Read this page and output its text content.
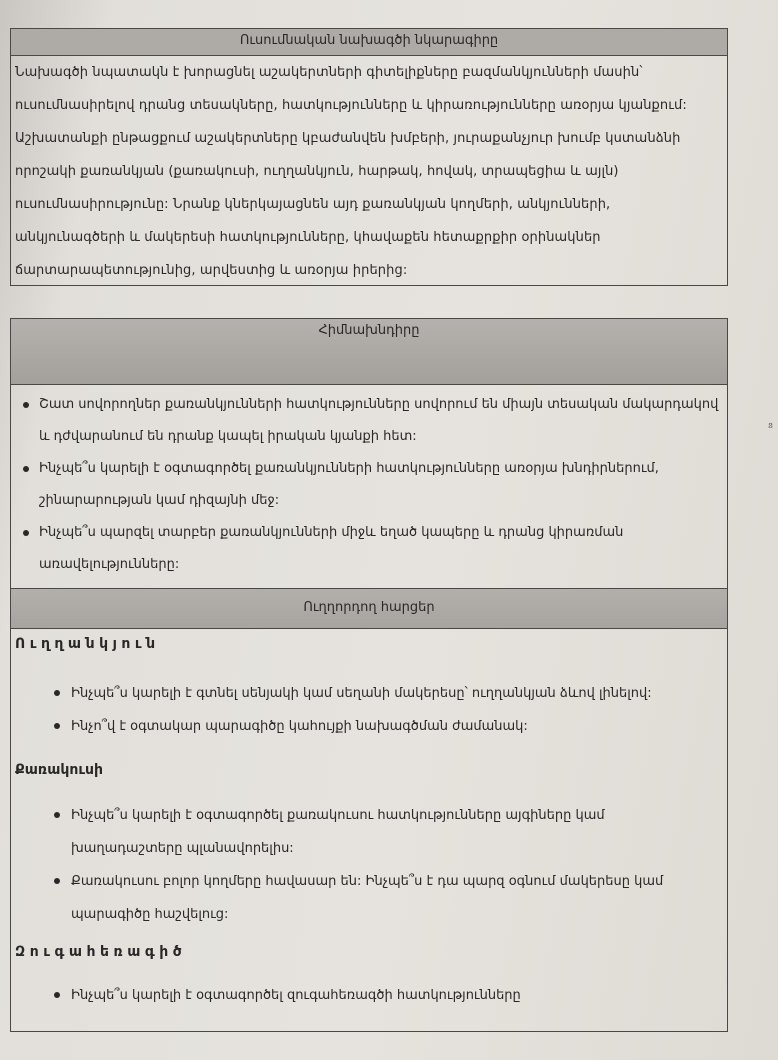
Ուսումնական նախագծի նկարագիրը

Նախագծի նպատակն է խորացնել աշակերտների գիտելիքները բազմանկյունների մասին՝

ուսումնասիրելով դրանց տեսակները, հատկությունները և կիրառությունները առօրյա կյանքում:

Աշխատանքի ընթացքում աշակերտները կբաժանվեն խմբերի, յուրաքանչյուր խումբ կստանձնի

որոշակի քառանկյան (քառակուսի, ուղղանկյուն, հարթակ, հովակ, տրապեցիա և այլն)

ուսումնասիրությունը: Նրանք կներկայացնեն այդ քառանկյան կողմերի, անկյունների,

անկյունագծերի և մակերեսի հատկությունները, կհավաքեն հետաքրքիր օրինակներ

ճարտարապետությունից, արվեստից և առօրյա իրերից:

Հիմնախնդիրը
Շատ սովորողներ քառանկյունների հատկությունները սովորում են միայն տեսական մակարդակով և դժվարանում են դրանք կապել իրական կյանքի հետ:
Ինչպե՞ս կարելի է օգտագործել քառանկյունների հատկությունները առօրյա խնդիրներում, շինարարության կամ դիզայնի մեջ:
Ինչպե՞ս պարզել տարբեր քառանկյունների միջև եղած կապերը և դրանց կիրառման առավելությունները:
Ուղղորդող հարցեր
Ուղղանկյուն
Ինչպե՞ս կարելի է գտնել սենյակի կամ սեղանի մակերեսը՝ ուղղանկյան ձևով լինելով:
Ինչո՞վ է օգտակար պարագիծը կահույքի նախագծման ժամանակ:
Քառակուսի
Ինչպե՞ս կարելի է օգտագործել քառակուսու հատկությունները այգիները կամ խաղադաշտերը պլանավորելիս:
Քառակուսու բոլոր կողմերը հավասար են: Ինչպե՞ս է դա պարզ օգնում մակերեսը կամ պարագիծը հաշվելուց:
Զուգահեռագիծ
Ինչպե՞ս կարելի է օգտագործել զուգահեռագծի հատկությունները
ន
